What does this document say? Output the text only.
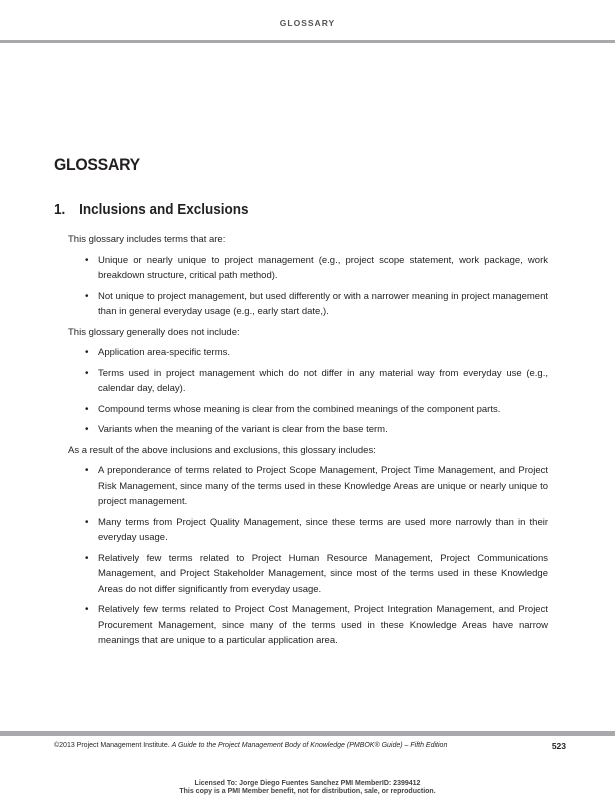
GLOSSARY
GLOSSARY
1. Inclusions and Exclusions

This glossary includes terms that are:

• Unique or nearly unique to project management (e.g., project scope statement, work package, work breakdown structure, critical path method).
• Not unique to project management, but used differently or with a narrower meaning in project management than in general everyday usage (e.g., early start date,).

This glossary generally does not include:

• Application area-specific terms.
• Terms used in project management which do not differ in any material way from everyday use (e.g., calendar day, delay).
• Compound terms whose meaning is clear from the combined meanings of the component parts.
• Variants when the meaning of the variant is clear from the base term.

As a result of the above inclusions and exclusions, this glossary includes:

• A preponderance of terms related to Project Scope Management, Project Time Management, and Project Risk Management, since many of the terms used in these Knowledge Areas are unique or nearly unique to project management.
• Many terms from Project Quality Management, since these terms are used more narrowly than in their everyday usage.
• Relatively few terms related to Project Human Resource Management, Project Communications Management, and Project Stakeholder Management, since most of the terms used in these Knowledge Areas do not differ significantly from everyday usage.
• Relatively few terms related to Project Cost Management, Project Integration Management, and Project Procurement Management, since many of the terms used in these Knowledge Areas have narrow meanings that are unique to a particular application area.
©2013 Project Management Institute. A Guide to the Project Management Body of Knowledge (PMBOK® Guide) – Fifth Edition	523
Licensed To: Jorge Diego Fuentes Sanchez PMI MemberID: 2399412
This copy is a PMI Member benefit, not for distribution, sale, or reproduction.
